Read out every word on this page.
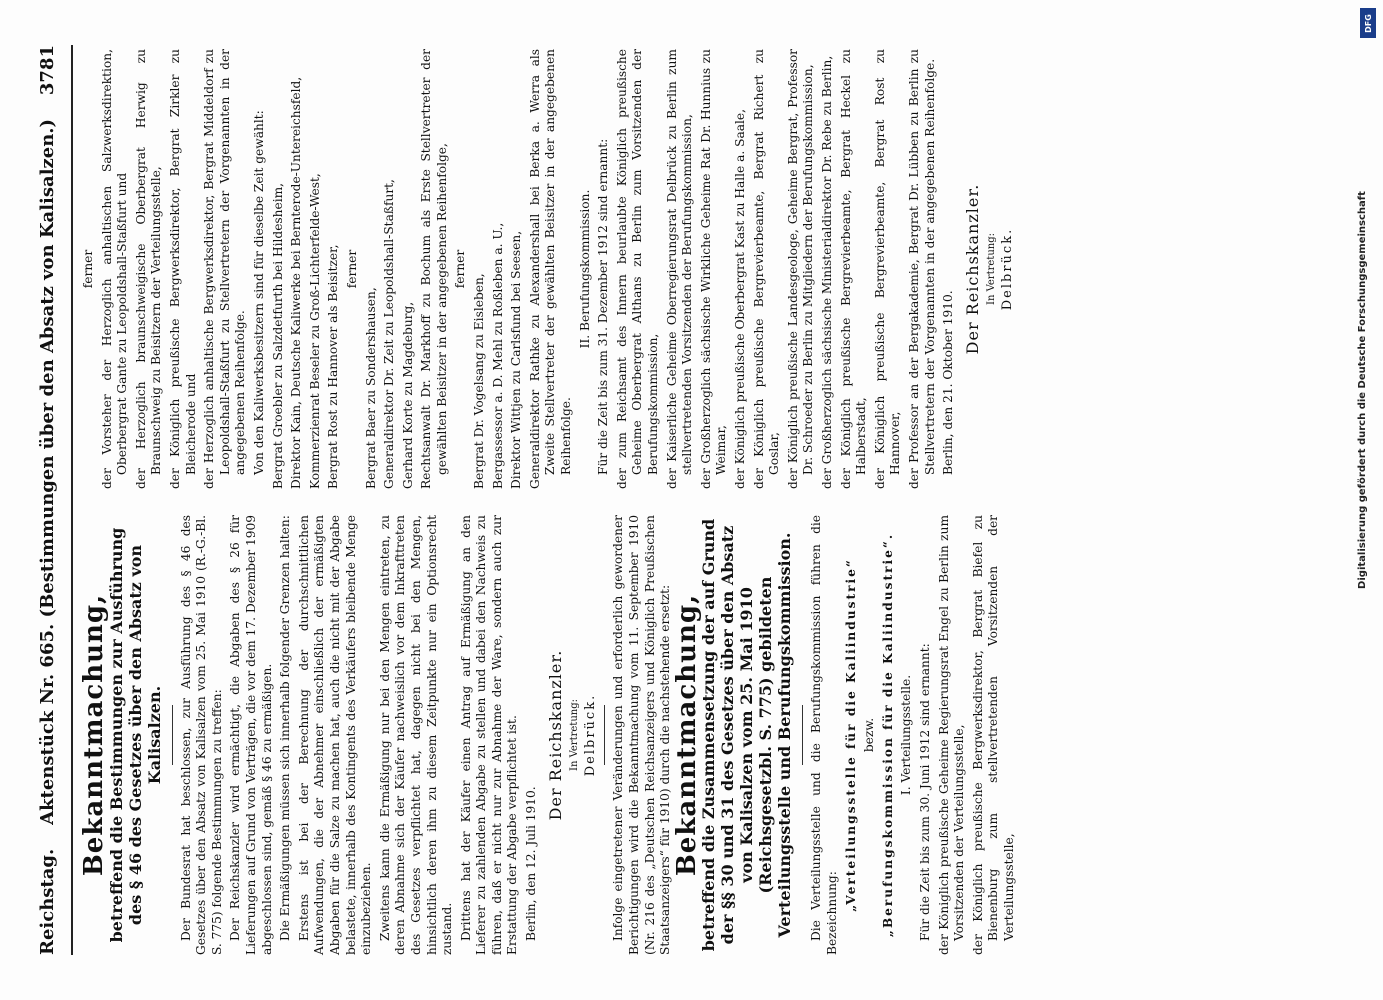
Reichstag.
Aktenstück Nr. 665. (Bestimmungen über den Absatz von Kalisalzen.)
3781
Bekanntmachung,
betreffend die Bestimmungen zur Ausführung des § 46 des Gesetzes über den Absatz von Kalisalzen. Der Bundesrat hat beschlossen, zur Ausführung des § 46 des Gesetzes über den Absatz von Kalisalzen vom 25. Mai 1910 (R.-G.-Bl. S. 775) folgende Bestimmungen zu treffen: Der Reichskanzler wird ermächtigt, die Abgaben des § 26 für Lieferungen auf Grund von Verträgen, die vor dem 17. Dezember 1909 abgeschlossen sind, gemäß § 46 zu ermäßigen. Die Ermäßigungen müssen sich innerhalb folgender Grenzen halten: Erstens ist bei der Berechnung der durchschnittlichen Aufwendungen, die der Abnehmer einschließlich der ermäßigten Abgaben für die Salze zu machen hat, auch die nicht mit der Abgabe belastete, innerhalb des Kontingents des Verkäufers bleibende Menge einzubeziehen. Zweitens kann die Ermäßigung nur bei den Mengen eintreten, zu deren Abnahme sich der Käufer nachweislich vor dem Inkrafttreten des Gesetzes verpflichtet hat, dagegen nicht bei den Mengen, hinsichtlich deren ihm zu diesem Zeitpunkte nur ein Optionsrecht zustand. Drittens hat der Käufer einen Antrag auf Ermäßigung an den Lieferer zu zahlenden Abgabe zu stellen und dabei den Nachweis zu führen, daß er nicht nur zur Abnahme der Ware, sondern auch zur Erstattung der Abgabe verpflichtet ist. Berlin, den 12. Juli 1910.

Der Reichskanzler. In Vertretung: Delbrück. Infolge eingetretener Veränderungen und erforderlich gewordener Berichtigungen wird die Bekanntmachung vom 11. September 1910 (Nr. 216 des „Deutschen Reichsanzeigers und Königlich Preußischen Staatsanzeigers“ für 1910) durch die nachstehende ersetzt: Bekanntmachung,
betreffend die Zusammensetzung der auf Grund der §§ 30 und 31 des Gesetzes über den Absatz von Kalisalzen vom 25. Mai 1910 (Reichsgesetzbl. S. 775) gebildeten Verteilungsstelle und Berufungskommission. Die Verteilungsstelle und die Berufungskommission führen die Bezeichnung:

„Verteilungsstelle für die Kaliindustrie“ bezw. „Berufungskommission für die Kaliindustrie“. I. Verteilungsstelle. Für die Zeit bis zum 30. Juni 1912 sind ernannt: der Königlich preußische Geheime Regierungsrat Engel zu Berlin zum Vorsitzenden der Verteilungsstelle, der Königlich preußische Bergwerksdirektor, Bergrat Biefel zu Bienenburg zum stellvertretenden Vorsitzenden der Verteilungsstelle,

ferner der Vorsteher der Herzoglich anhaltischen Salzwerksdirektion, Oberbergrat Gante zu Leopoldshall-Staßfurt und der Herzoglich braunschweigische Oberbergrat Herwig zu Braunschweig zu Beisitzern der Verteilungsstelle, der Königlich preußische Bergwerksdirektor, Bergrat Zirkler zu Bleicherode und der Herzoglich anhaltische Bergwerksdirektor, Bergrat Middeldorf zu Leopoldshall-Staßfurt zu Stellvertretern der Vorgenannten in der angegebenen Reihenfolge. Von den Kaliwerksbesitzern sind für dieselbe Zeit gewählt: Bergrat Groebler zu Salzdetfurth bei Hildesheim, Direktor Kain, Deutsche Kaliwerke bei Bernterode-Untereichsfeld, Kommerzienrat Beseler zu Groß-Lichterfelde-West, Bergrat Rost zu Hannover als Beisitzer, ferner

Bergrat Baer zu Sondershausen, Generaldirektor Dr. Zeit zu Leopoldshall-Staßfurt, Gerhard Korte zu Magdeburg, Rechtsanwalt Dr. Markhoff zu Bochum als Erste Stellvertreter der gewählten Beisitzer in der angegebenen Reihenfolge, ferner

Bergrat Dr. Vogelsang zu Eisleben, Bergassessor a. D. Mehl zu Roßleben a. U., Direktor Wittjen zu Carlsfund bei Seesen, Generaldirektor Rathke zu Alexandershall bei Berka a. Werra als Zweite Stellvertreter der gewählten Beisitzer in der angegebenen Reihenfolge.

II. Berufungskommission. Für die Zeit bis zum 31. Dezember 1912 sind ernannt: der zum Reichsamt des Innern beurlaubte Königlich preußische Geheime Oberbergrat Althans zu Berlin zum Vorsitzenden der Berufungskommission, der Kaiserliche Geheime Oberregierungsrat Delbrück zu Berlin zum stellvertretenden Vorsitzenden der Berufungskommission, der Großherzoglich sächsische Wirkliche Geheime Rat Dr. Hunnius zu Weimar, der Königlich preußische Oberbergrat Kast zu Halle a. Saale, der Königlich preußische Bergrevierbeamte, Bergrat Richert zu Goslar, der Königlich preußische Landesgeologe, Geheime Bergrat, Professor Dr. Schroeder zu Berlin zu Mitgliedern der Berufungskommission, der Großherzoglich sächsische Ministerialdirektor Dr. Rebe zu Berlin, der Königlich preußische Bergrevierbeamte, Bergrat Heckel zu Halberstadt, der Königlich preußische Bergrevierbeamte, Bergrat Rost zu Hannover, der Professor an der Bergakademie, Bergrat Dr. Lübben zu Berlin zu Stellvertretern der Vorgenannten in der angegebenen Reihenfolge. Berlin, den 21. Oktober 1910.

Der Reichskanzler. In Vertretung: Delbrück.
DFG
Digitalisierung gefördert durch die Deutsche Forschungsgemeinschaft
